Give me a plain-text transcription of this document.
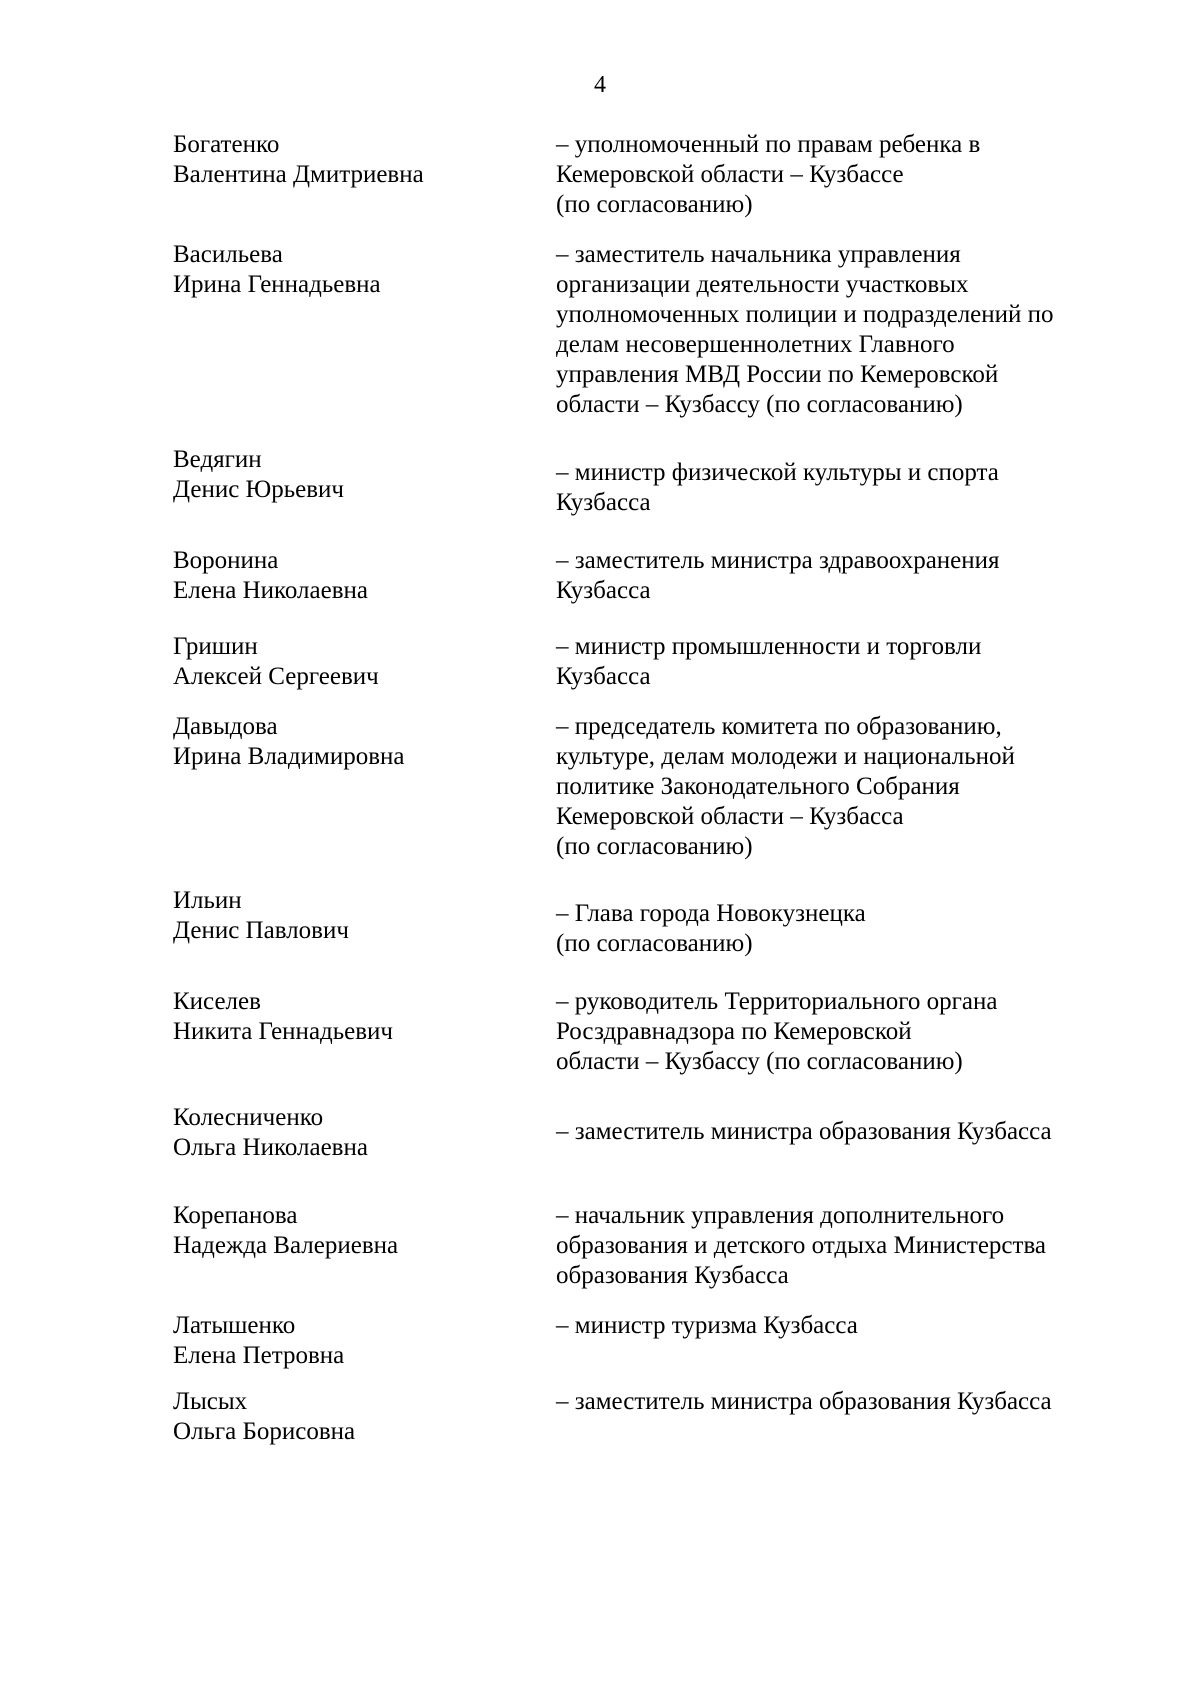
4
Богатенко
Валентина Дмитриевна
– уполномоченный по правам ребенка в
Кемеровской области – Кузбассе
(по согласованию)
Васильева
Ирина Геннадьевна
– заместитель начальника управления
организации деятельности участковых
уполномоченных полиции и подразделений по
делам несовершеннолетних Главного
управления МВД России по Кемеровской
области – Кузбассу (по согласованию)
Ведягин
Денис Юрьевич
– министр физической культуры и спорта
Кузбасса
Воронина
Елена Николаевна
– заместитель министра здравоохранения
Кузбасса
Гришин
Алексей Сергеевич
– министр промышленности и торговли
Кузбасса
Давыдова
Ирина Владимировна
– председатель комитета по образованию,
культуре, делам молодежи и национальной
политике Законодательного Собрания
Кемеровской области – Кузбасса
(по согласованию)
Ильин
Денис Павлович
– Глава города Новокузнецка
(по согласованию)
Киселев
Никита Геннадьевич
– руководитель Территориального органа
Росздравнадзора по Кемеровской
области – Кузбассу (по согласованию)
Колесниченко
Ольга Николаевна
– заместитель министра образования Кузбасса
Корепанова
Надежда Валериевна
– начальник управления дополнительного
образования и детского отдыха Министерства
образования Кузбасса
Латышенко
Елена Петровна
– министр туризма Кузбасса
Лысых
Ольга Борисовна
– заместитель министра образования Кузбасса
